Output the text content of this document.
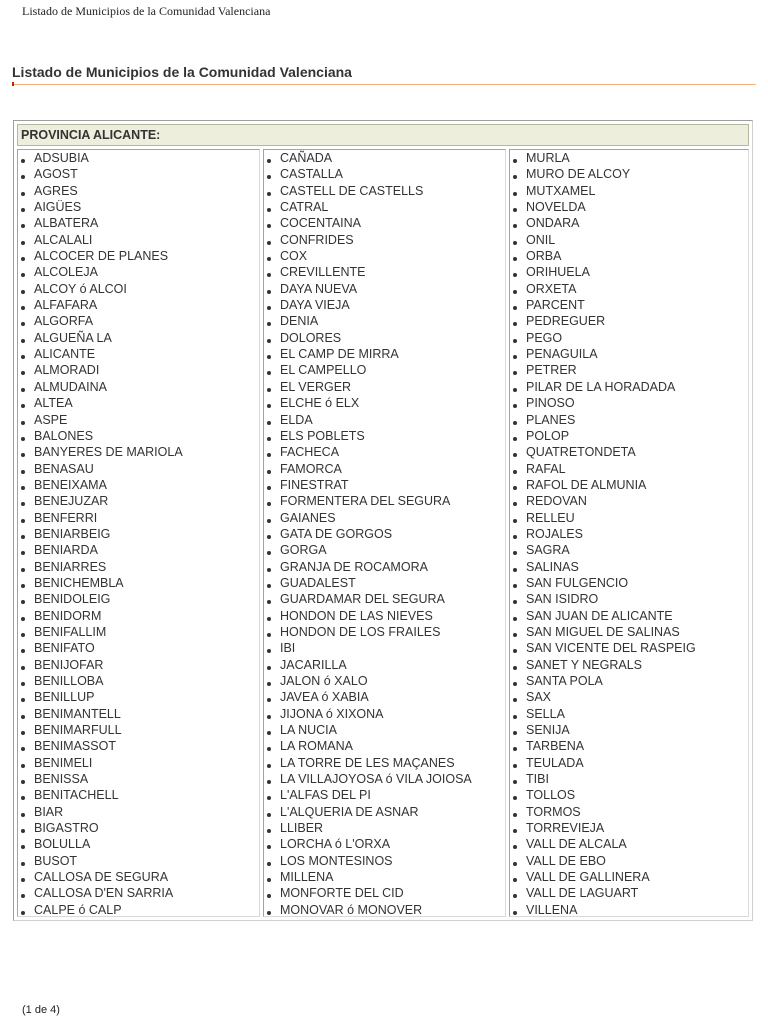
Listado de Municipios de la Comunidad Valenciana
Listado de Municipios de la Comunidad Valenciana
PROVINCIA ALICANTE:
ADSUBIA
AGOST
AGRES
AIGÜES
ALBATERA
ALCALALI
ALCOCER DE PLANES
ALCOLEJA
ALCOY ó ALCOI
ALFAFARA
ALGORFA
ALGUEÑA LA
ALICANTE
ALMORADI
ALMUDAINA
ALTEA
ASPE
BALONES
BANYERES DE MARIOLA
BENASAU
BENEIXAMA
BENEJUZAR
BENFERRI
BENIARBEIG
BENIARDA
BENIARRES
BENICHEMBLA
BENIDOLEIG
BENIDORM
BENIFALLIM
BENIFATO
BENIJOFAR
BENILLOBA
BENILLUP
BENIMANTELL
BENIMARFULL
BENIMASSOT
BENIMELI
BENISSA
BENITACHELL
BIAR
BIGASTRO
BOLULLA
BUSOT
CALLOSA DE SEGURA
CALLOSA D'EN SARRIA
CALPE ó CALP
CAÑADA
CASTALLA
CASTELL DE CASTELLS
CATRAL
COCENTAINA
CONFRIDES
COX
CREVILLENTE
DAYA NUEVA
DAYA VIEJA
DENIA
DOLORES
EL CAMP DE MIRRA
EL CAMPELLO
EL VERGER
ELCHE ó ELX
ELDA
ELS POBLETS
FACHECA
FAMORCA
FINESTRAT
FORMENTERA DEL SEGURA
GAIANES
GATA DE GORGOS
GORGA
GRANJA DE ROCAMORA
GUADALEST
GUARDAMAR DEL SEGURA
HONDON DE LAS NIEVES
HONDON DE LOS FRAILES
IBI
JACARILLA
JALON ó XALO
JAVEA ó XABIA
JIJONA ó XIXONA
LA NUCIA
LA ROMANA
LA TORRE DE LES MAÇANES
LA VILLAJOYOSA ó VILA JOIOSA
L'ALFAS DEL PI
L'ALQUERIA DE ASNAR
LLIBER
LORCHA ó L'ORXA
LOS MONTESINOS
MILLENA
MONFORTE DEL CID
MONOVAR ó MONOVER
MURLA
MURO DE ALCOY
MUTXAMEL
NOVELDA
ONDARA
ONIL
ORBA
ORIHUELA
ORXETA
PARCENT
PEDREGUER
PEGO
PENAGUILA
PETRER
PILAR DE LA HORADADA
PINOSO
PLANES
POLOP
QUATRETONDETA
RAFAL
RAFOL DE ALMUNIA
REDOVAN
RELLEU
ROJALES
SAGRA
SALINAS
SAN FULGENCIO
SAN ISIDRO
SAN JUAN DE ALICANTE
SAN MIGUEL DE SALINAS
SAN VICENTE DEL RASPEIG
SANET Y NEGRALS
SANTA POLA
SAX
SELLA
SENIJA
TARBENA
TEULADA
TIBI
TOLLOS
TORMOS
TORREVIEJA
VALL DE ALCALA
VALL DE EBO
VALL DE GALLINERA
VALL DE LAGUART
VILLENA
(1 de 4)
